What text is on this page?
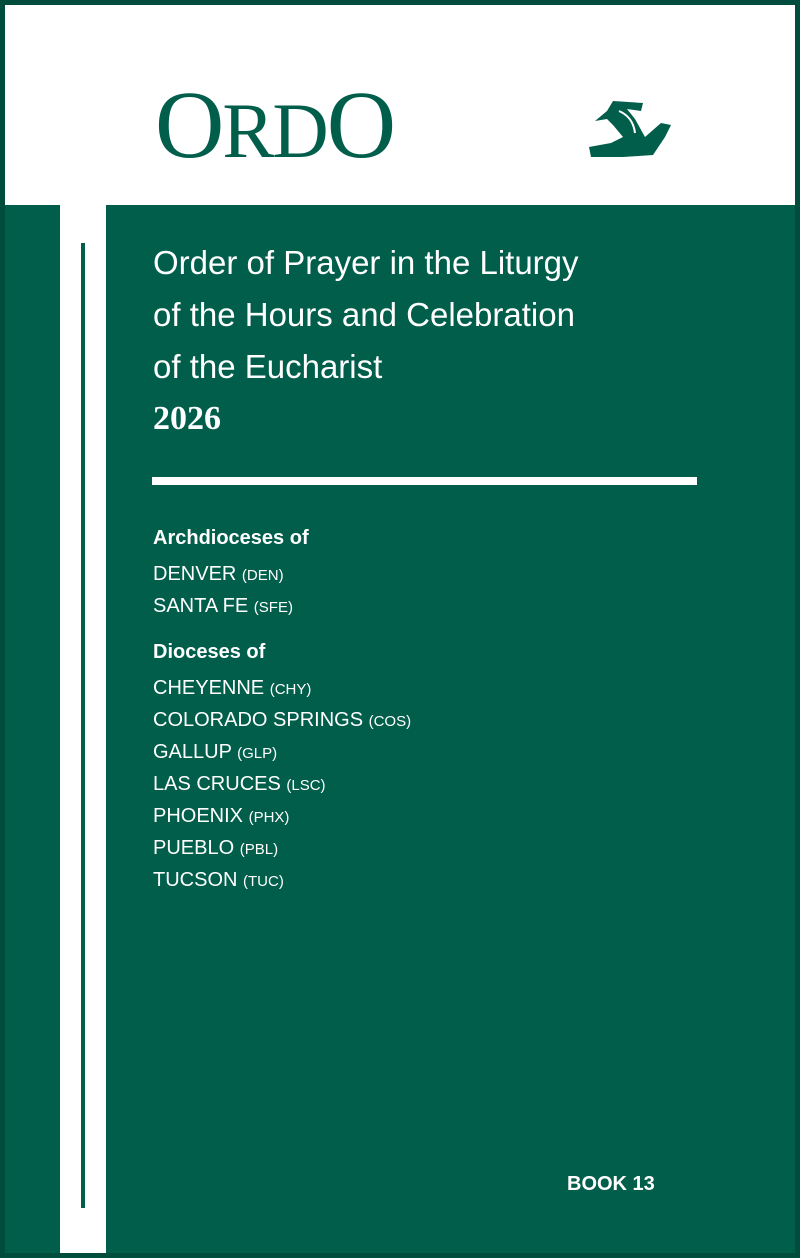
ORDO
Order of Prayer in the Liturgy
of the Hours and Celebration
of the Eucharist
2026
Archdioceses of
DENVER (DEN)
SANTA FE (SFE)
Dioceses of
CHEYENNE (CHY)
COLORADO SPRINGS (COS)
GALLUP (GLP)
LAS CRUCES (LSC)
PHOENIX (PHX)
PUEBLO (PBL)
TUCSON (TUC)
BOOK 13
